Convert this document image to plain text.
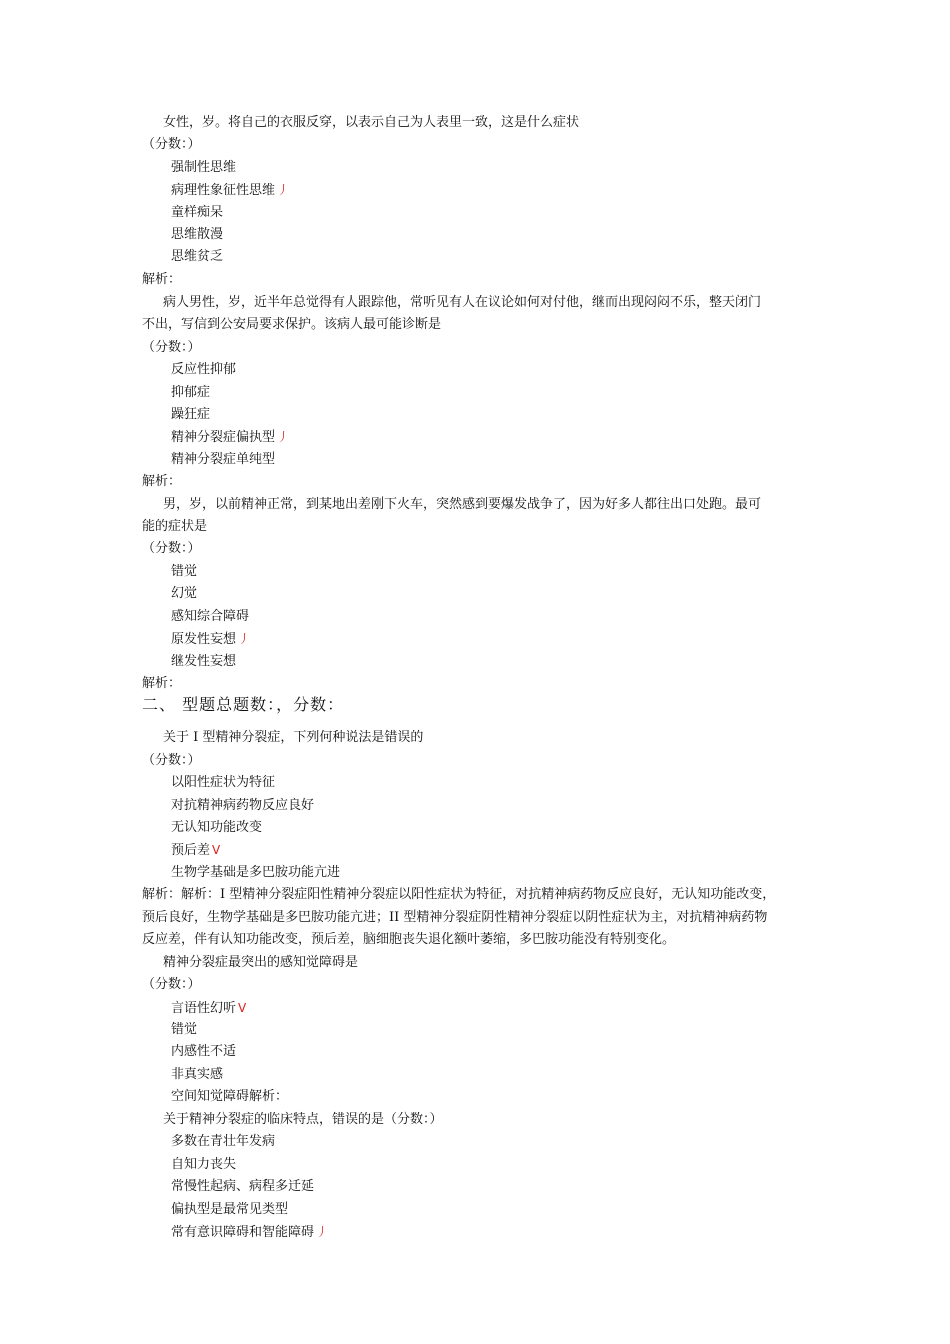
女性，岁。将自己的衣服反穿，以表示自己为人表里一致，这是什么症状
（分数：）
强制性思维
病理性象征性思维 丿
童样痴呆
思维散漫
思维贫乏
解析：
病人男性，岁，近半年总觉得有人跟踪他，常听见有人在议论如何对付他，继而出现闷闷不乐，整天闭门
不出，写信到公安局要求保护。该病人最可能诊断是
（分数：）
反应性抑郁
抑郁症
躁狂症
精神分裂症偏执型 丿
精神分裂症单纯型
解析：
男，岁，以前精神正常，到某地出差刚下火车，突然感到要爆发战争了，因为好多人都往出口处跑。最可
能的症状是
（分数：）
错觉
幻觉
感知综合障碍
原发性妄想 丿
继发性妄想
解析：
二、 型题总题数：，分数：
关于 I 型精神分裂症，下列何种说法是错误的
（分数：）
以阳性症状为特征
对抗精神病药物反应良好
无认知功能改变
预后差 V
生物学基础是多巴胺功能亢进
解析：解析：I 型精神分裂症阳性精神分裂症以阳性症状为特征，对抗精神病药物反应良好，无认知功能改变，
预后良好，生物学基础是多巴胺功能亢进；II 型精神分裂症阴性精神分裂症以阴性症状为主，对抗精神病药物
反应差，伴有认知功能改变，预后差，脑细胞丧失退化额叶萎缩，多巴胺功能没有特别变化。
精神分裂症最突出的感知觉障碍是
（分数：）
言语性幻听 V
错觉
内感性不适
非真实感
空间知觉障碍解析：
关于精神分裂症的临床特点，错误的是（分数：）
多数在青壮年发病
自知力丧失
常慢性起病、病程多迁延
偏执型是最常见类型
常有意识障碍和智能障碍 丿
